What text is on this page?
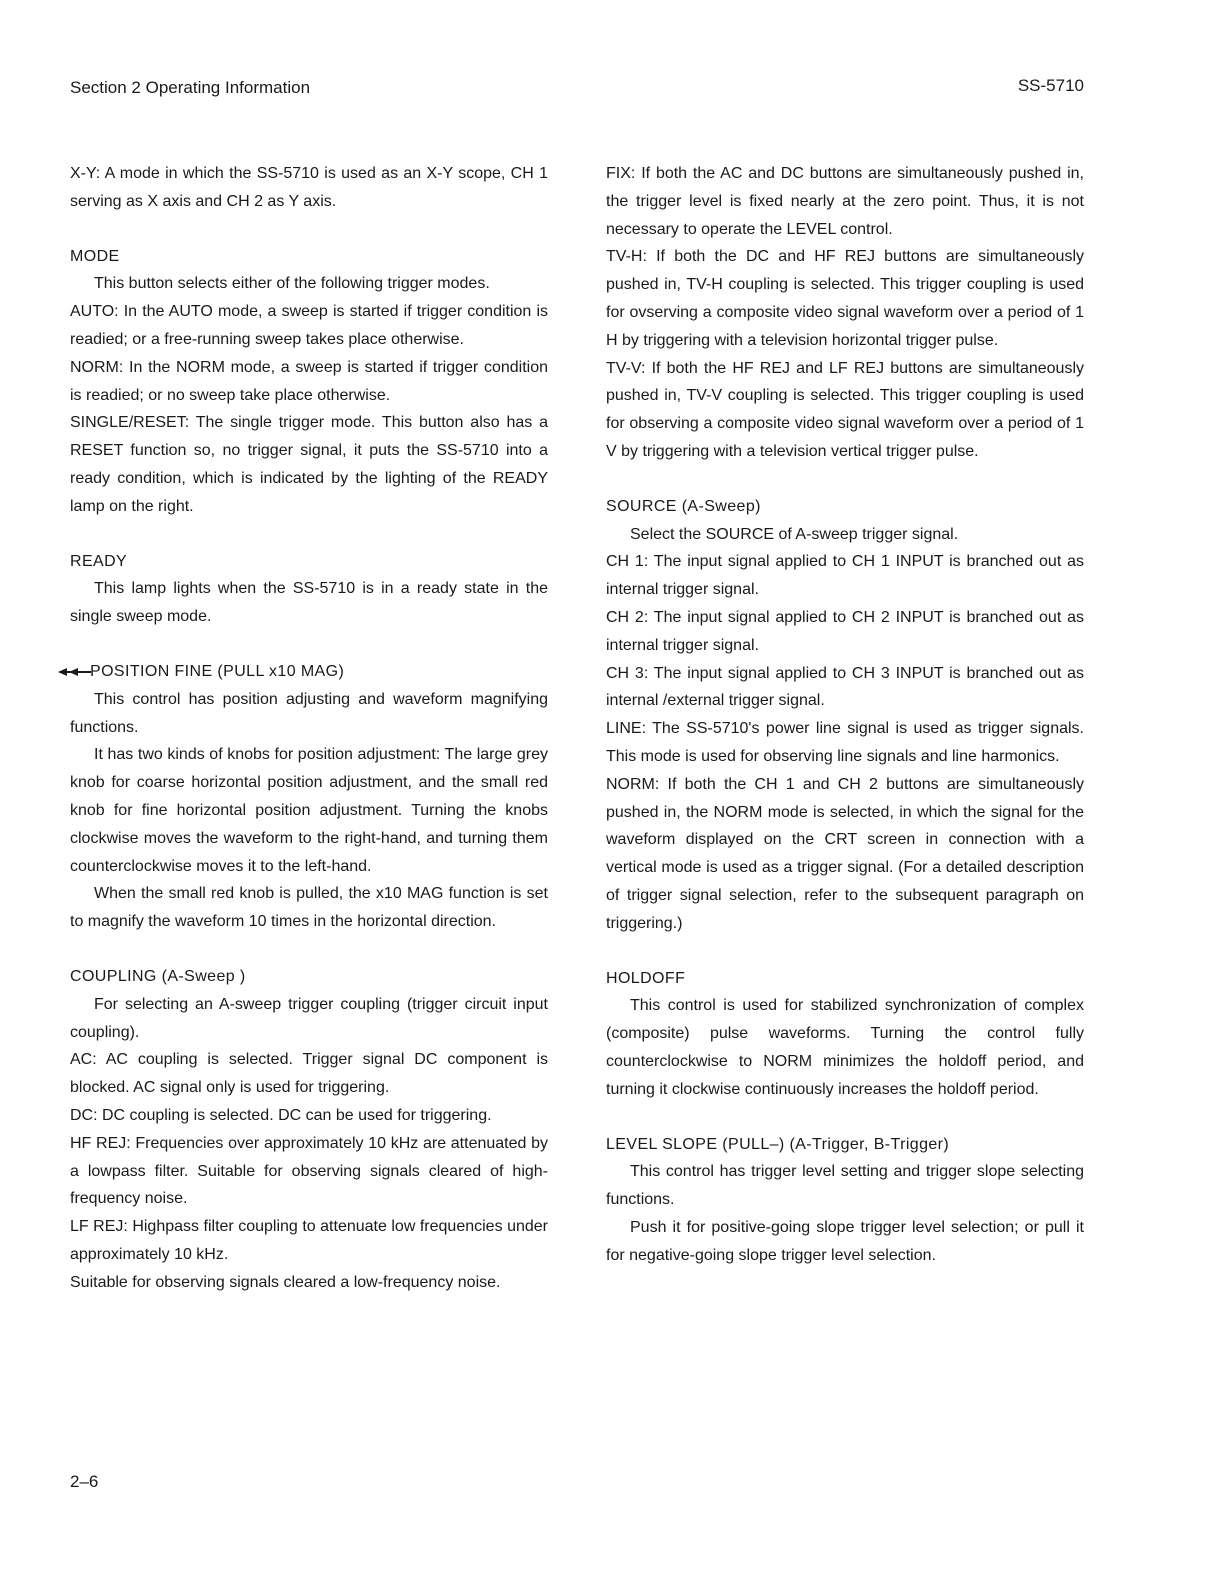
Section 2 Operating Information	SS-5710
X-Y: A mode in which the SS-5710 is used as an X-Y scope, CH 1 serving as X axis and CH 2 as Y axis.
MODE
This button selects either of the following trigger modes.
AUTO: In the AUTO mode, a sweep is started if trigger condition is readied; or a free-running sweep takes place otherwise.
NORM: In the NORM mode, a sweep is started if trigger condition is readied; or no sweep take place otherwise.
SINGLE/RESET: The single trigger mode. This button also has a RESET function so, no trigger signal, it puts the SS-5710 into a ready condition, which is indicated by the lighting of the READY lamp on the right.
READY
This lamp lights when the SS-5710 is in a ready state in the single sweep mode.
POSITION FINE (PULL x10 MAG)
This control has position adjusting and waveform magnifying functions.
It has two kinds of knobs for position adjustment: The large grey knob for coarse horizontal position adjustment, and the small red knob for fine horizontal position adjustment. Turning the knobs clockwise moves the waveform to the right-hand, and turning them counterclockwise moves it to the left-hand.
When the small red knob is pulled, the x10 MAG function is set to magnify the waveform 10 times in the horizontal direction.
COUPLING (A-Sweep )
For selecting an A-sweep trigger coupling (trigger circuit input coupling).
AC: AC coupling is selected. Trigger signal DC component is blocked. AC signal only is used for triggering.
DC: DC coupling is selected. DC can be used for triggering.
HF REJ: Frequencies over approximately 10 kHz are attenuated by a lowpass filter. Suitable for observing signals cleared of high-frequency noise.
LF REJ: Highpass filter coupling to attenuate low frequencies under approximately 10 kHz.
Suitable for observing signals cleared a low-frequency noise.
FIX: If both the AC and DC buttons are simultaneously pushed in, the trigger level is fixed nearly at the zero point. Thus, it is not necessary to operate the LEVEL control.
TV-H: If both the DC and HF REJ buttons are simultaneously pushed in, TV-H coupling is selected. This trigger coupling is used for ovserving a composite video signal waveform over a period of 1 H by triggering with a television horizontal trigger pulse.
TV-V: If both the HF REJ and LF REJ buttons are simultaneously pushed in, TV-V coupling is selected. This trigger coupling is used for observing a composite video signal waveform over a period of 1 V by triggering with a television vertical trigger pulse.
SOURCE (A-Sweep)
Select the SOURCE of A-sweep trigger signal.
CH 1: The input signal applied to CH 1 INPUT is branched out as internal trigger signal.
CH 2: The input signal applied to CH 2 INPUT is branched out as internal trigger signal.
CH 3: The input signal applied to CH 3 INPUT is branched out as internal /external trigger signal.
LINE: The SS-5710's power line signal is used as trigger signals. This mode is used for observing line signals and line harmonics.
NORM: If both the CH 1 and CH 2 buttons are simultaneously pushed in, the NORM mode is selected, in which the signal for the waveform displayed on the CRT screen in connection with a vertical mode is used as a trigger signal. (For a detailed description of trigger signal selection, refer to the subsequent paragraph on triggering.)
HOLDOFF
This control is used for stabilized synchronization of complex (composite) pulse waveforms. Turning the control fully counterclockwise to NORM minimizes the holdoff period, and turning it clockwise continuously increases the holdoff period.
LEVEL SLOPE (PULL–) (A-Trigger, B-Trigger)
This control has trigger level setting and trigger slope selecting functions.
Push it for positive-going slope trigger level selection; or pull it for negative-going slope trigger level selection.
2–6
